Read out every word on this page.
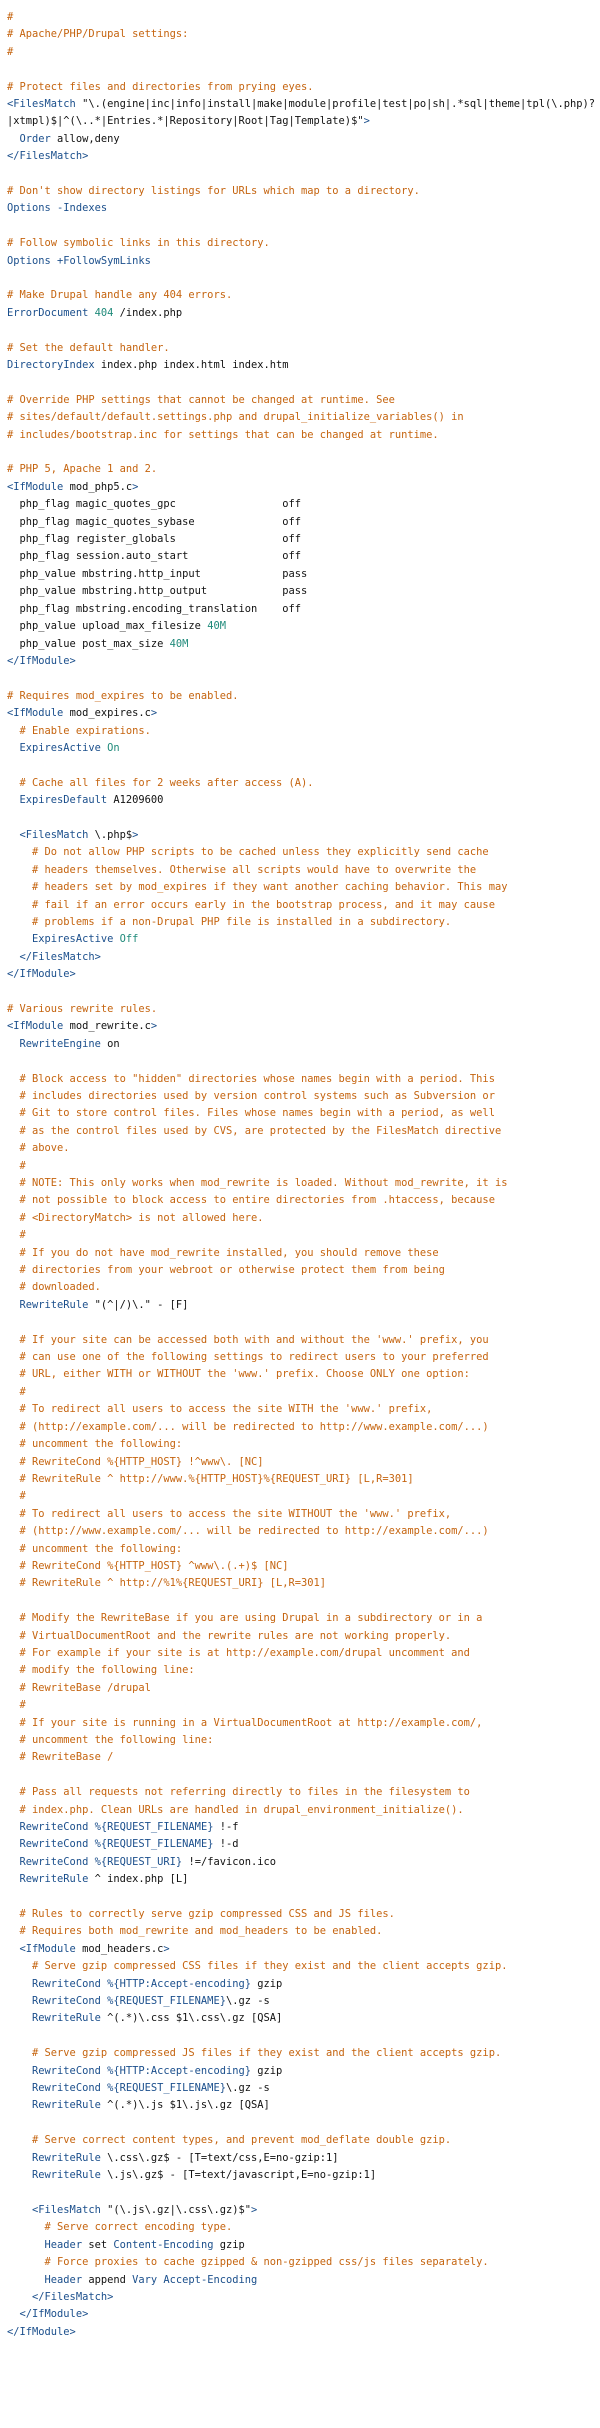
#
# Apache/PHP/Drupal settings:
#
# Protect files and directories from prying eyes.
<FilesMatch "\.(engine|inc|info|install|make|module|profile|test|po|sh|.*sql|theme|tpl(\.php)?
|xtmpl)$|^(\..*|Entries.*|Repository|Root|Tag|Template)$">
Order allow,deny
</FilesMatch>
# Don't show directory listings for URLs which map to a directory.
Options -Indexes
# Follow symbolic links in this directory.
Options +FollowSymLinks
# Make Drupal handle any 404 errors.
ErrorDocument 404 /index.php
# Set the default handler.
DirectoryIndex index.php index.html index.htm
# Override PHP settings that cannot be changed at runtime. See
# sites/default/default.settings.php and drupal_initialize_variables() in
# includes/bootstrap.inc for settings that can be changed at runtime.
# PHP 5, Apache 1 and 2.
<IfModule mod_php5.c>
php_flag magic_quotes_gpc                 off
php_flag magic_quotes_sybase              off
php_flag register_globals                 off
php_flag session.auto_start               off
php_value mbstring.http_input             pass
php_value mbstring.http_output            pass
php_flag mbstring.encoding_translation    off
php_value upload_max_filesize 40M
php_value post_max_size 40M
</IfModule>
# Requires mod_expires to be enabled.
<IfModule mod_expires.c>
# Enable expirations.
ExpiresActive On
# Cache all files for 2 weeks after access (A).
ExpiresDefault A1209600
<FilesMatch \.php$>
# Do not allow PHP scripts to be cached unless they explicitly send cache
# headers themselves. Otherwise all scripts would have to overwrite the
# headers set by mod_expires if they want another caching behavior. This may
# fail if an error occurs early in the bootstrap process, and it may cause
# problems if a non-Drupal PHP file is installed in a subdirectory.
ExpiresActive Off
</FilesMatch>
</IfModule>
# Various rewrite rules.
<IfModule mod_rewrite.c>
RewriteEngine on
# Block access to "hidden" directories whose names begin with a period. This
# includes directories used by version control systems such as Subversion or
# Git to store control files. Files whose names begin with a period, as well
# as the control files used by CVS, are protected by the FilesMatch directive
# above.
#
# NOTE: This only works when mod_rewrite is loaded. Without mod_rewrite, it is
# not possible to block access to entire directories from .htaccess, because
# <DirectoryMatch> is not allowed here.
#
# If you do not have mod_rewrite installed, you should remove these
# directories from your webroot or otherwise protect them from being
# downloaded.
RewriteRule "(^|/)\." - [F]
# If your site can be accessed both with and without the 'www.' prefix, you
# can use one of the following settings to redirect users to your preferred
# URL, either WITH or WITHOUT the 'www.' prefix. Choose ONLY one option:
#
# To redirect all users to access the site WITH the 'www.' prefix,
# (http://example.com/... will be redirected to http://www.example.com/...)
# uncomment the following:
# RewriteCond %{HTTP_HOST} !^www\. [NC]
# RewriteRule ^ http://www.%{HTTP_HOST}%{REQUEST_URI} [L,R=301]
#
# To redirect all users to access the site WITHOUT the 'www.' prefix,
# (http://www.example.com/... will be redirected to http://example.com/...)
# uncomment the following:
# RewriteCond %{HTTP_HOST} ^www\.(.+)$ [NC]
# RewriteRule ^ http://%1%{REQUEST_URI} [L,R=301]
# Modify the RewriteBase if you are using Drupal in a subdirectory or in a
# VirtualDocumentRoot and the rewrite rules are not working properly.
# For example if your site is at http://example.com/drupal uncomment and
# modify the following line:
# RewriteBase /drupal
#
# If your site is running in a VirtualDocumentRoot at http://example.com/,
# uncomment the following line:
# RewriteBase /
# Pass all requests not referring directly to files in the filesystem to
# index.php. Clean URLs are handled in drupal_environment_initialize().
RewriteCond %{REQUEST_FILENAME} !-f
RewriteCond %{REQUEST_FILENAME} !-d
RewriteCond %{REQUEST_URI} !=/favicon.ico
RewriteRule ^ index.php [L]
# Rules to correctly serve gzip compressed CSS and JS files.
# Requires both mod_rewrite and mod_headers to be enabled.
<IfModule mod_headers.c>
# Serve gzip compressed CSS files if they exist and the client accepts gzip.
RewriteCond %{HTTP:Accept-encoding} gzip
RewriteCond %{REQUEST_FILENAME}\.gz -s
RewriteRule ^(.*)\.css $1\.css\.gz [QSA]
# Serve gzip compressed JS files if they exist and the client accepts gzip.
RewriteCond %{HTTP:Accept-encoding} gzip
RewriteCond %{REQUEST_FILENAME}\.gz -s
RewriteRule ^(.*)\.js $1\.js\.gz [QSA]
# Serve correct content types, and prevent mod_deflate double gzip.
RewriteRule \.css\.gz$ - [T=text/css,E=no-gzip:1]
RewriteRule \.js\.gz$ - [T=text/javascript,E=no-gzip:1]
<FilesMatch "(\.js\.gz|\.css\.gz)$">
# Serve correct encoding type.
Header set Content-Encoding gzip
# Force proxies to cache gzipped & non-gzipped css/js files separately.
Header append Vary Accept-Encoding
</FilesMatch>
</IfModule>
</IfModule>
